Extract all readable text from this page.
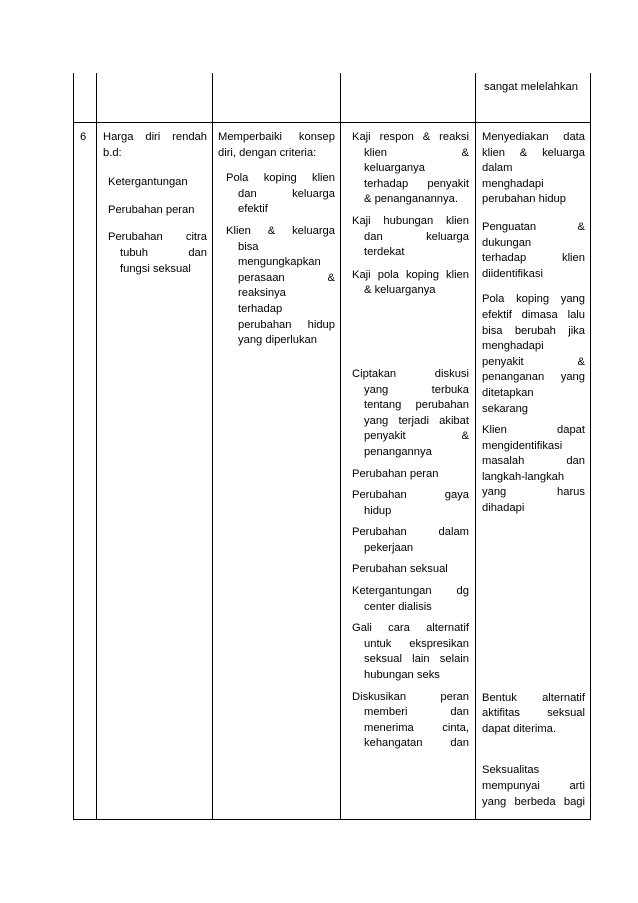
sangat melelahkan

6 Harga diri rendah

b.d:

Ketergantungan

Perubahan peran

Perubahan citra

tubuh dan

fungsi seksual

Memperbaiki konsep

diri, dengan criteria:

Pola koping klien

dan keluarga

efektif

Klien & keluarga

bisa

mengungkapkan

perasaan &

reaksinya

terhadap

perubahan hidup

yang diperlukan

Kaji respon & reaksi

klien &

keluarganya

terhadap penyakit

& penanganannya.

Kaji hubungan klien

dan keluarga

terdekat

Kaji pola koping klien

& keluarganya

Ciptakan diskusi

yang terbuka

tentang perubahan

yang terjadi akibat

penyakit &

penangannya

Perubahan peran

Perubahan gaya

hidup

Perubahan dalam

pekerjaan

Perubahan seksual

Ketergantungan dg

center dialisis

Gali cara alternatif

untuk ekspresikan

seksual lain selain

hubungan seks

Diskusikan peran

memberi dan

menerima cinta,

kehangatan dan

Menyediakan data

klien & keluarga

dalam

menghadapi

perubahan hidup

Penguatan &

dukungan

terhadap klien

diidentifikasi

Pola koping yang

efektif dimasa lalu

bisa berubah jika

menghadapi

penyakit &

penanganan yang

ditetapkan

sekarang

Klien dapat

mengidentifikasi

masalah dan

langkah-langkah

yang harus

dihadapi

Bentuk alternatif

aktifitas seksual

dapat diterima.

Seksualitas

mempunyai arti

yang berbeda bagi
